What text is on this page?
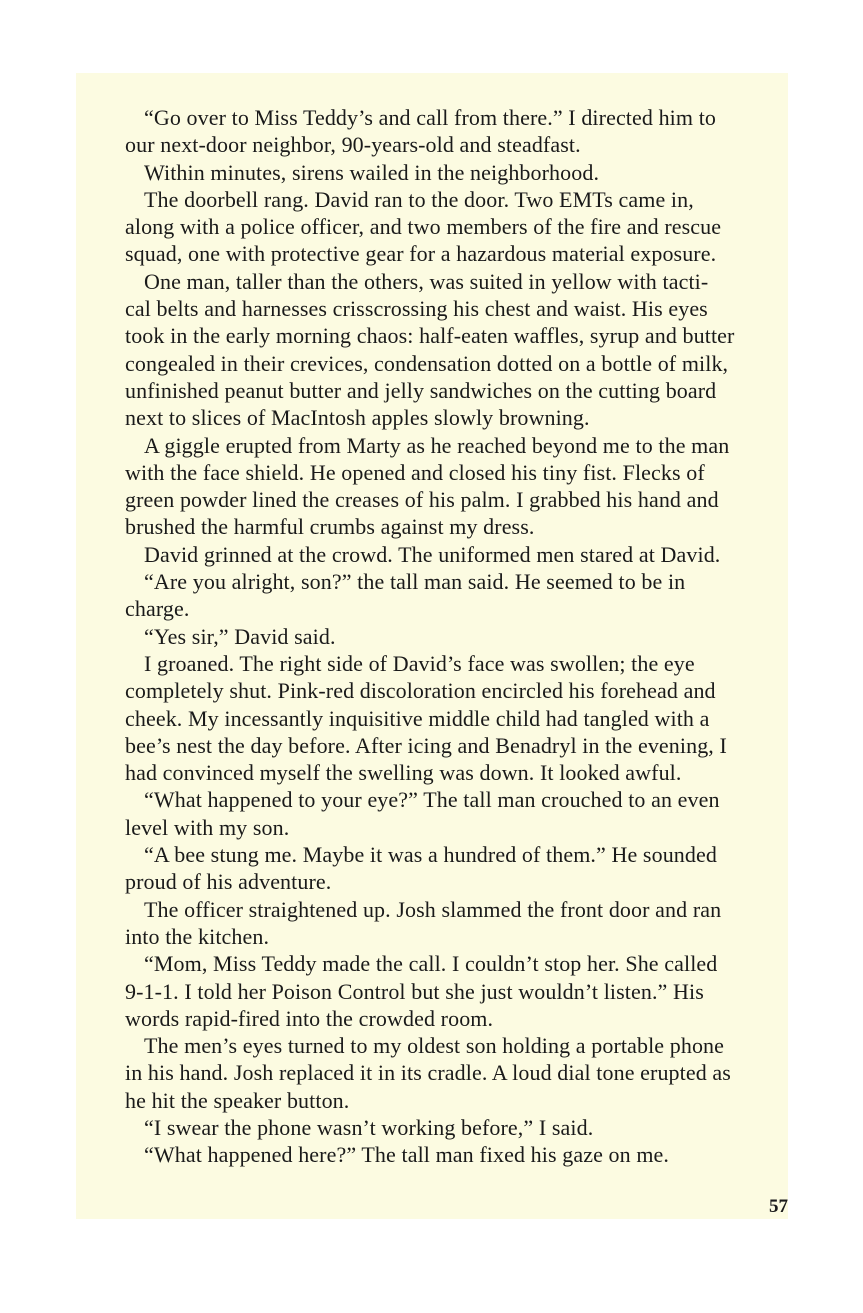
“Go over to Miss Teddy’s and call from there.” I directed him to
our next-door neighbor, 90-years-old and steadfast.

Within minutes, sirens wailed in the neighborhood.

The doorbell rang. David ran to the door. Two EMTs came in,
along with a police officer, and two members of the fire and rescue
squad, one with protective gear for a hazardous material exposure.

One man, taller than the others, was suited in yellow with tacti-
cal belts and harnesses crisscrossing his chest and waist. His eyes
took in the early morning chaos: half-eaten waffles, syrup and butter
congealed in their crevices, condensation dotted on a bottle of milk,
unfinished peanut butter and jelly sandwiches on the cutting board
next to slices of MacIntosh apples slowly browning.

A giggle erupted from Marty as he reached beyond me to the man
with the face shield. He opened and closed his tiny fist. Flecks of
green powder lined the creases of his palm. I grabbed his hand and
brushed the harmful crumbs against my dress.

David grinned at the crowd. The uniformed men stared at David.

“Are you alright, son?” the tall man said. He seemed to be in
charge.

“Yes sir,” David said.

I groaned. The right side of David’s face was swollen; the eye
completely shut. Pink-red discoloration encircled his forehead and
cheek. My incessantly inquisitive middle child had tangled with a
bee’s nest the day before. After icing and Benadryl in the evening, I
had convinced myself the swelling was down. It looked awful.

“What happened to your eye?” The tall man crouched to an even
level with my son.

“A bee stung me. Maybe it was a hundred of them.” He sounded
proud of his adventure.

The officer straightened up. Josh slammed the front door and ran
into the kitchen.

“Mom, Miss Teddy made the call. I couldn’t stop her. She called
9-1-1. I told her Poison Control but she just wouldn’t listen.” His
words rapid-fired into the crowded room.

The men’s eyes turned to my oldest son holding a portable phone
in his hand. Josh replaced it in its cradle. A loud dial tone erupted as
he hit the speaker button.

“I swear the phone wasn’t working before,” I said.

“What happened here?” The tall man fixed his gaze on me.

57
